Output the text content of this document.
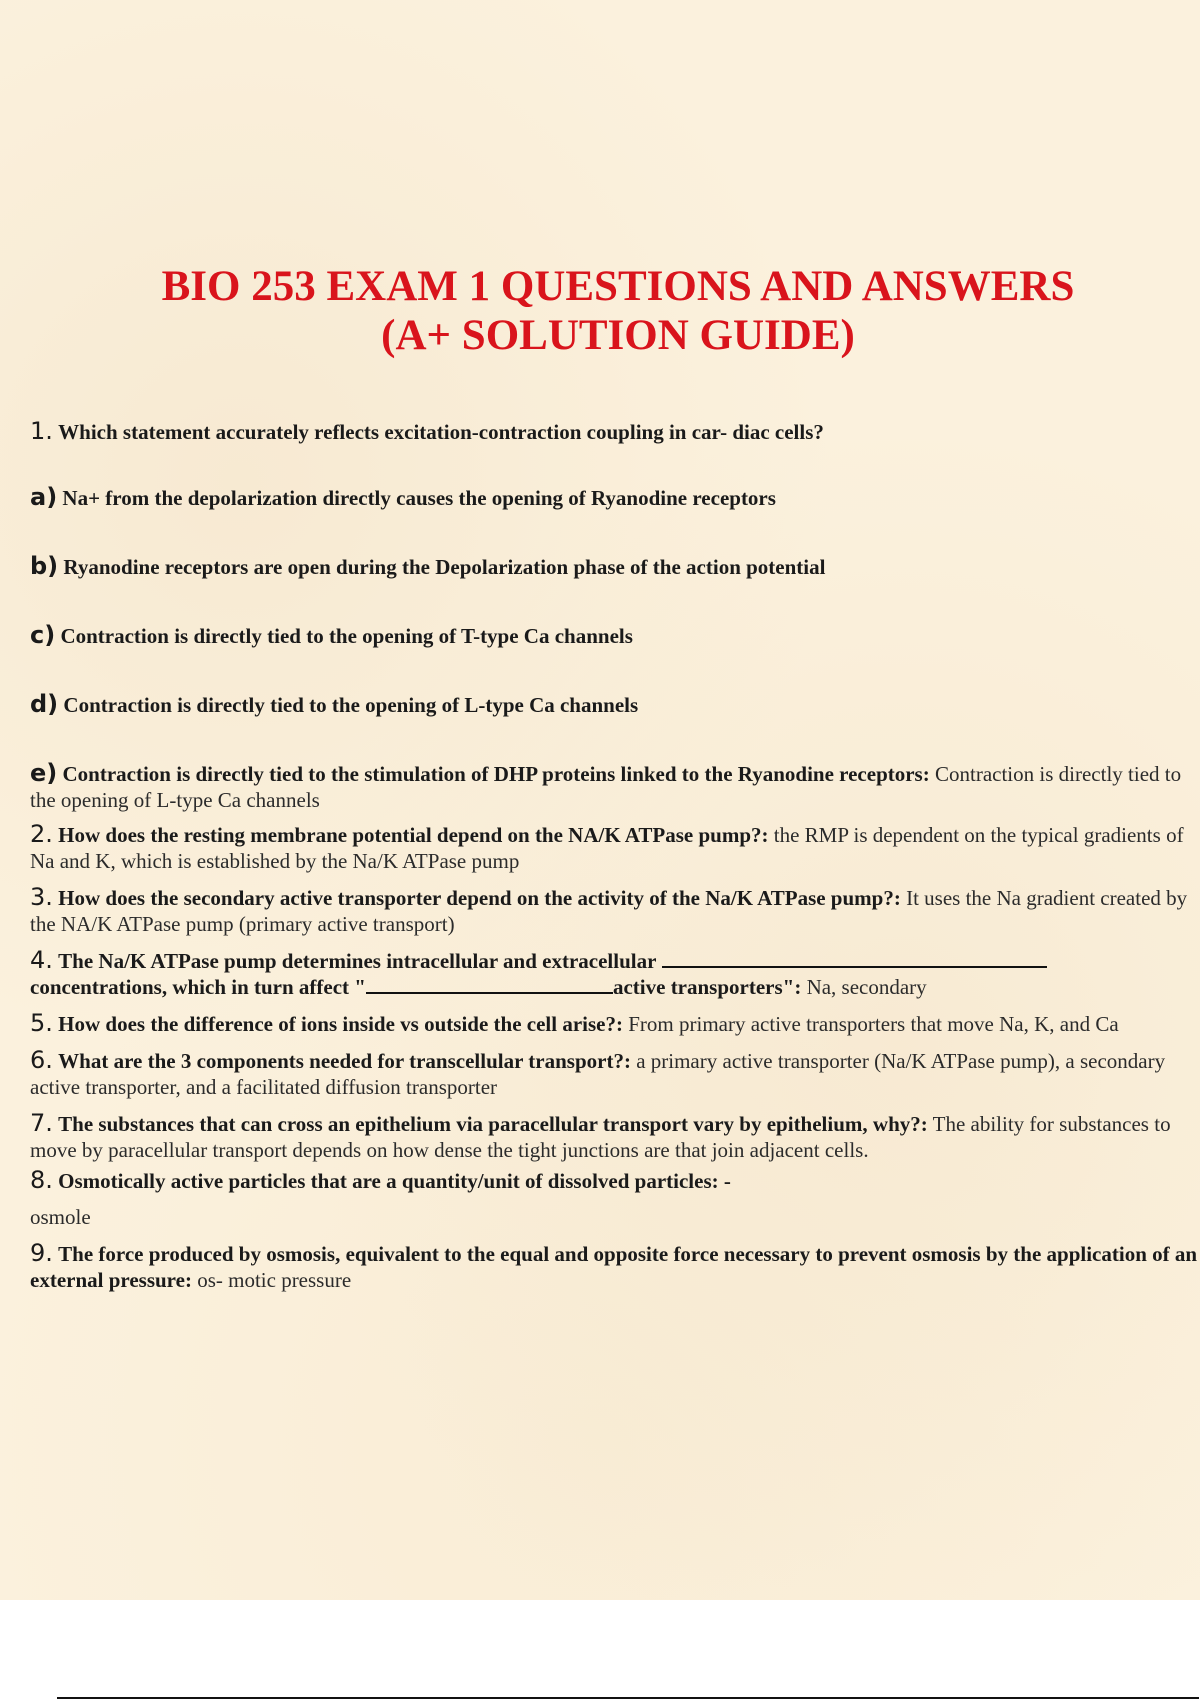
BIO 253 EXAM 1 QUESTIONS AND ANSWERS
(A+ SOLUTION GUIDE)

1. Which statement accurately reflects excitation-contraction coupling in car- diac cells?

a) Na+ from the depolarization directly causes the opening of Ryanodine receptors

b) Ryanodine receptors are open during the Depolarization phase of the action potential

c) Contraction is directly tied to the opening of T-type Ca channels

d) Contraction is directly tied to the opening of L-type Ca channels

e) Contraction is directly tied to the stimulation of DHP proteins linked to the Ryanodine receptors: Contraction is directly tied to the opening of L-type Ca channels

2. How does the resting membrane potential depend on the NA/K ATPase pump?: the RMP is dependent on the typical gradients of Na and K, which is established by the Na/K ATPase pump

3. How does the secondary active transporter depend on the activity of the Na/K ATPase pump?: It uses the Na gradient created by the NA/K ATPase pump (primary active transport)

4. The Na/K ATPase pump determines intracellular and extracellular

concentrations, which in turn affect "	active transporters": Na, secondary

5. How does the difference of ions inside vs outside the cell arise?: From primary active transporters that move Na, K, and Ca

6. What are the 3 components needed for transcellular transport?: a primary active transporter (Na/K ATPase pump), a secondary active transporter, and a facilitated diffusion transporter

7. The substances that can cross an epithelium via paracellular transport vary by epithelium, why?: The ability for substances to move by paracellular transport depends on how dense the tight junctions are that join adjacent cells.

8. Osmotically active particles that are a quantity/unit of dissolved particles: -

osmole

9. The force produced by osmosis, equivalent to the equal and opposite force necessary to prevent osmosis by the application of an external pressure: os- motic pressure
